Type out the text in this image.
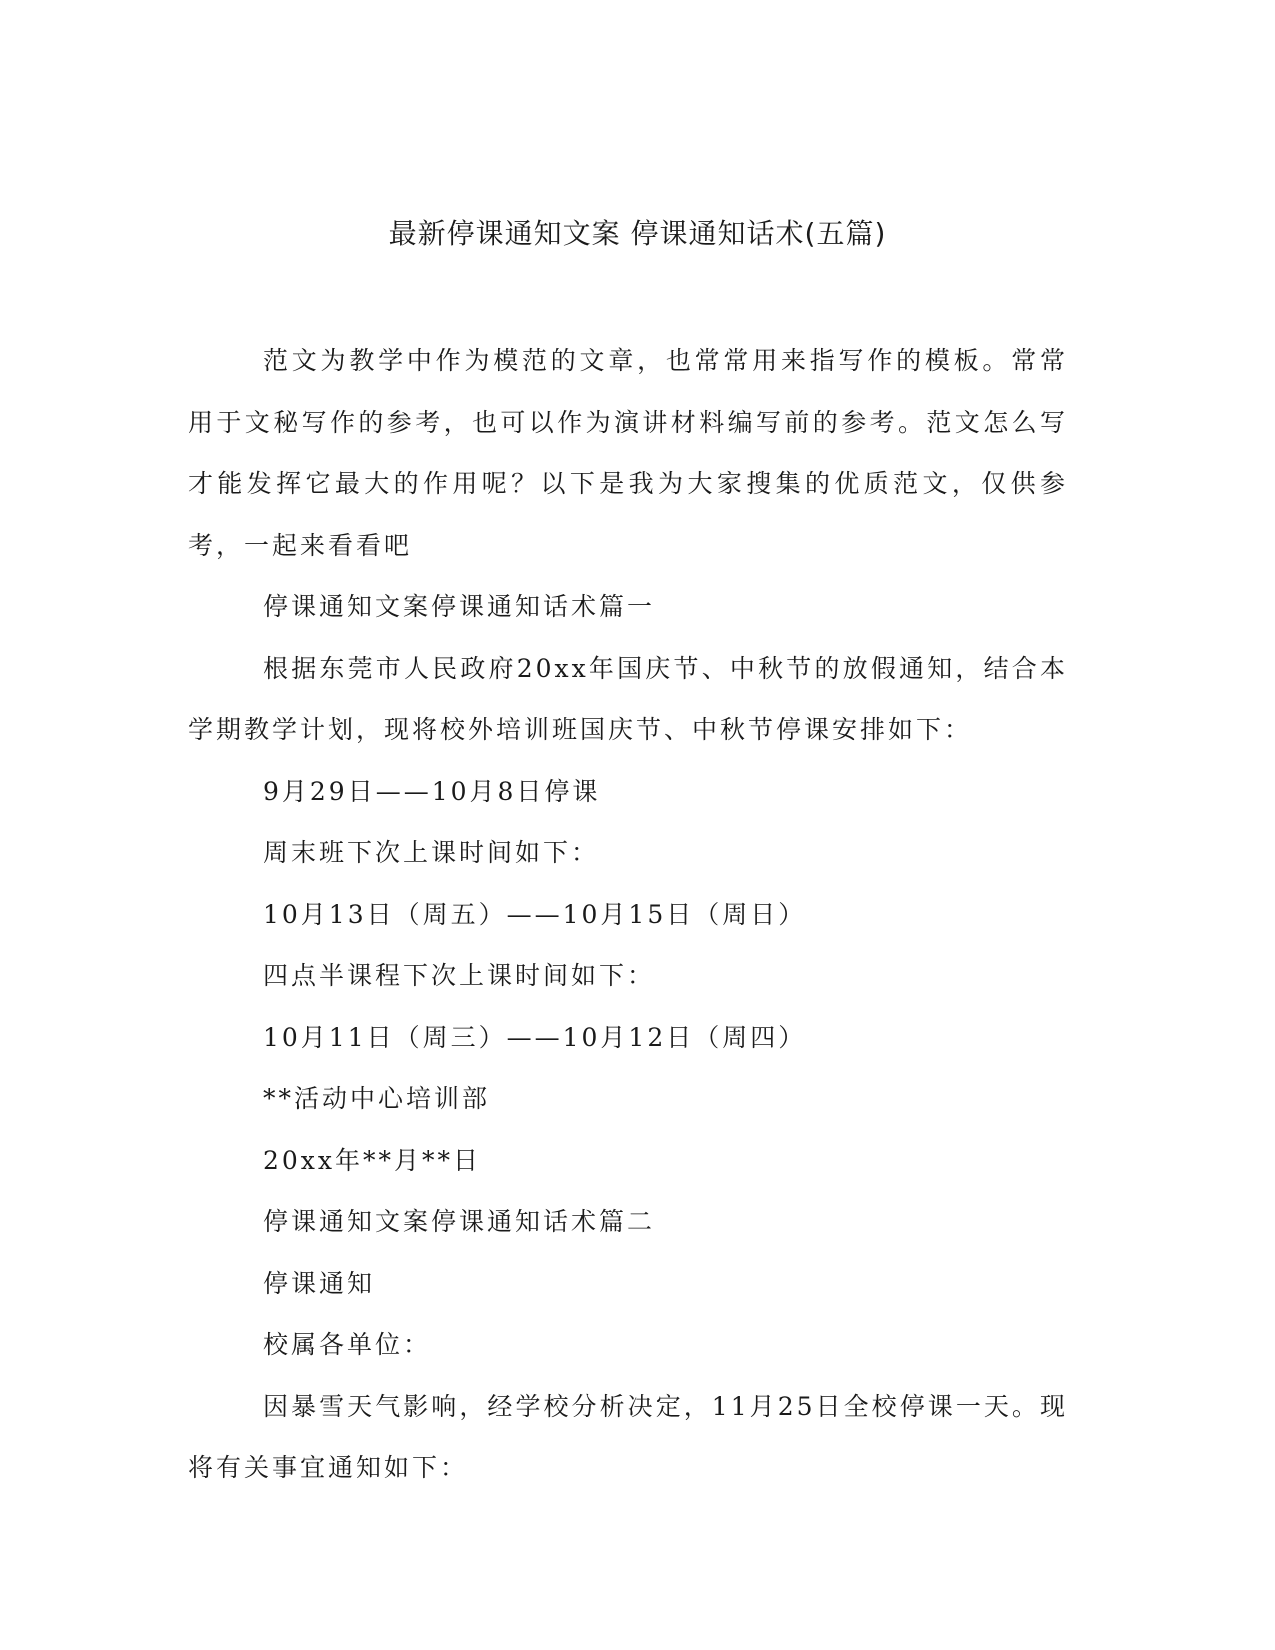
最新停课通知文案 停课通知话术(五篇)

范文为教学中作为模范的文章，也常常用来指写作的模板。常常用于文秘写作的参考，也可以作为演讲材料编写前的参考。范文怎么写才能发挥它最大的作用呢？以下是我为大家搜集的优质范文，仅供参考，一起来看看吧

停课通知文案停课通知话术篇一

根据东莞市人民政府20xx年国庆节、中秋节的放假通知，结合本学期教学计划，现将校外培训班国庆节、中秋节停课安排如下：

9月29日——10月8日停课

周末班下次上课时间如下：

10月13日（周五）——10月15日（周日）

四点半课程下次上课时间如下：

10月11日（周三）——10月12日（周四）

**活动中心培训部

20xx年**月**日

停课通知文案停课通知话术篇二

停课通知

校属各单位：

因暴雪天气影响，经学校分析决定，11月25日全校停课一天。现将有关事宜通知如下：
